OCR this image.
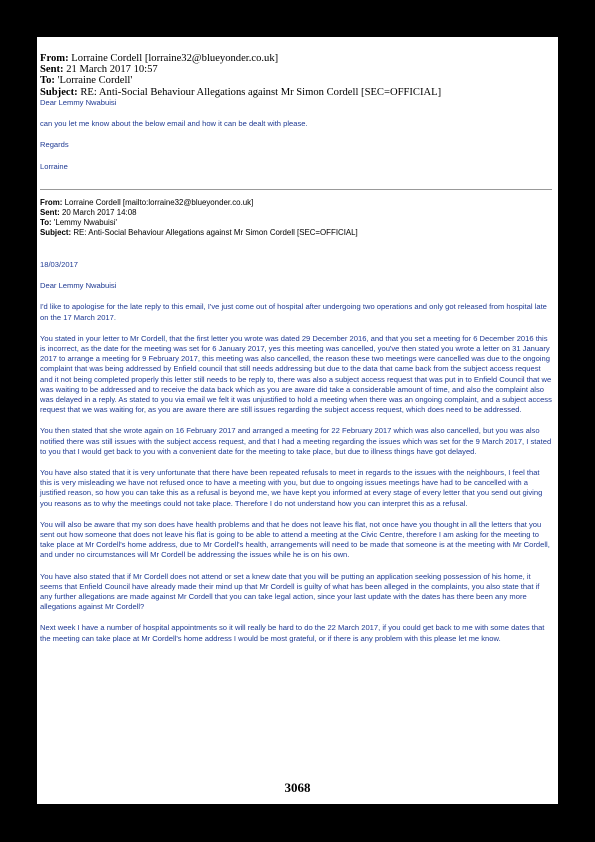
From: Lorraine Cordell [lorraine32@blueyonder.co.uk]
Sent: 21 March 2017 10:57
To: 'Lorraine Cordell'
Subject: RE: Anti-Social Behaviour Allegations against Mr Simon Cordell [SEC=OFFICIAL]

Dear Lemmy Nwabuisi

can you let me know about the below email and how it can be dealt with please.

Regards

Lorraine

From: Lorraine Cordell [mailto:lorraine32@blueyonder.co.uk]
Sent: 20 March 2017 14:08
To: 'Lemmy Nwabuisi'
Subject: RE: Anti-Social Behaviour Allegations against Mr Simon Cordell [SEC=OFFICIAL]

18/03/2017

Dear Lemmy Nwabuisi

I'd like to apologise for the late reply to this email, I've just come out of hospital after undergoing two operations and only got released from hospital late on the 17 March 2017.

You stated in your letter to Mr Cordell, that the first letter you wrote was dated 29 December 2016, and that you set a meeting for 6 December 2016 this is incorrect, as the date for the meeting was set for 6 January 2017, yes this meeting was cancelled, you've then stated you wrote a letter on 31 January 2017 to arrange a meeting for 9 February 2017, this meeting was also cancelled, the reason these two meetings were cancelled was due to the ongoing complaint that was being addressed by Enfield council that still needs addressing but due to the data that came back from the subject access request and it not being completed properly this letter still needs to be reply to, there was also a subject access request that was put in to Enfield Council that we was waiting to be addressed and to receive the data back which as you are aware did take a considerable amount of time, and also the complaint also was delayed in a reply. As stated to you via email we felt it was unjustified to hold a meeting when there was an ongoing complaint, and a subject access request that we was waiting for, as you are aware there are still issues regarding the subject access request, which does need to be addressed.

You then stated that she wrote again on 16 February 2017 and arranged a meeting for 22 February 2017 which was also cancelled, but you was also notified there was still issues with the subject access request, and that I had a meeting regarding the issues which was set for the 9 March 2017, I stated to you that I would get back to you with a convenient date for the meeting to take place, but due to illness things have got delayed.

You have also stated that it is very unfortunate that there have been repeated refusals to meet in regards to the issues with the neighbours, I feel that this is very misleading we have not refused once to have a meeting with you, but due to ongoing issues meetings have had to be cancelled with a justified reason, so how you can take this as a refusal is beyond me, we have kept you informed at every stage of every letter that you send out giving you reasons as to why the meetings could not take place. Therefore I do not understand how you can interpret this as a refusal.

You will also be aware that my son does have health problems and that he does not leave his flat, not once have you thought in all the letters that you sent out how someone that does not leave his flat is going to be able to attend a meeting at the Civic Centre, therefore I am asking for the meeting to take place at Mr Cordell's home address, due to Mr Cordell's health, arrangements will need to be made that someone is at the meeting with Mr Cordell, and under no circumstances will Mr Cordell be addressing the issues while he is on his own.

You have also stated that if Mr Cordell does not attend or set a knew date that you will be putting an application seeking possession of his home, it seems that Enfield Council have already made their mind up that Mr Cordell is guilty of what has been alleged in the complaints, you also state that if any further allegations are made against Mr Cordell that you can take legal action, since your last update with the dates has there been any more allegations against Mr Cordell?

Next week I have a number of hospital appointments so it will really be hard to do the 22 March 2017, if you could get back to me with some dates that the meeting can take place at Mr Cordell's home address I would be most grateful, or if there is any problem with this please let me know.

3068
